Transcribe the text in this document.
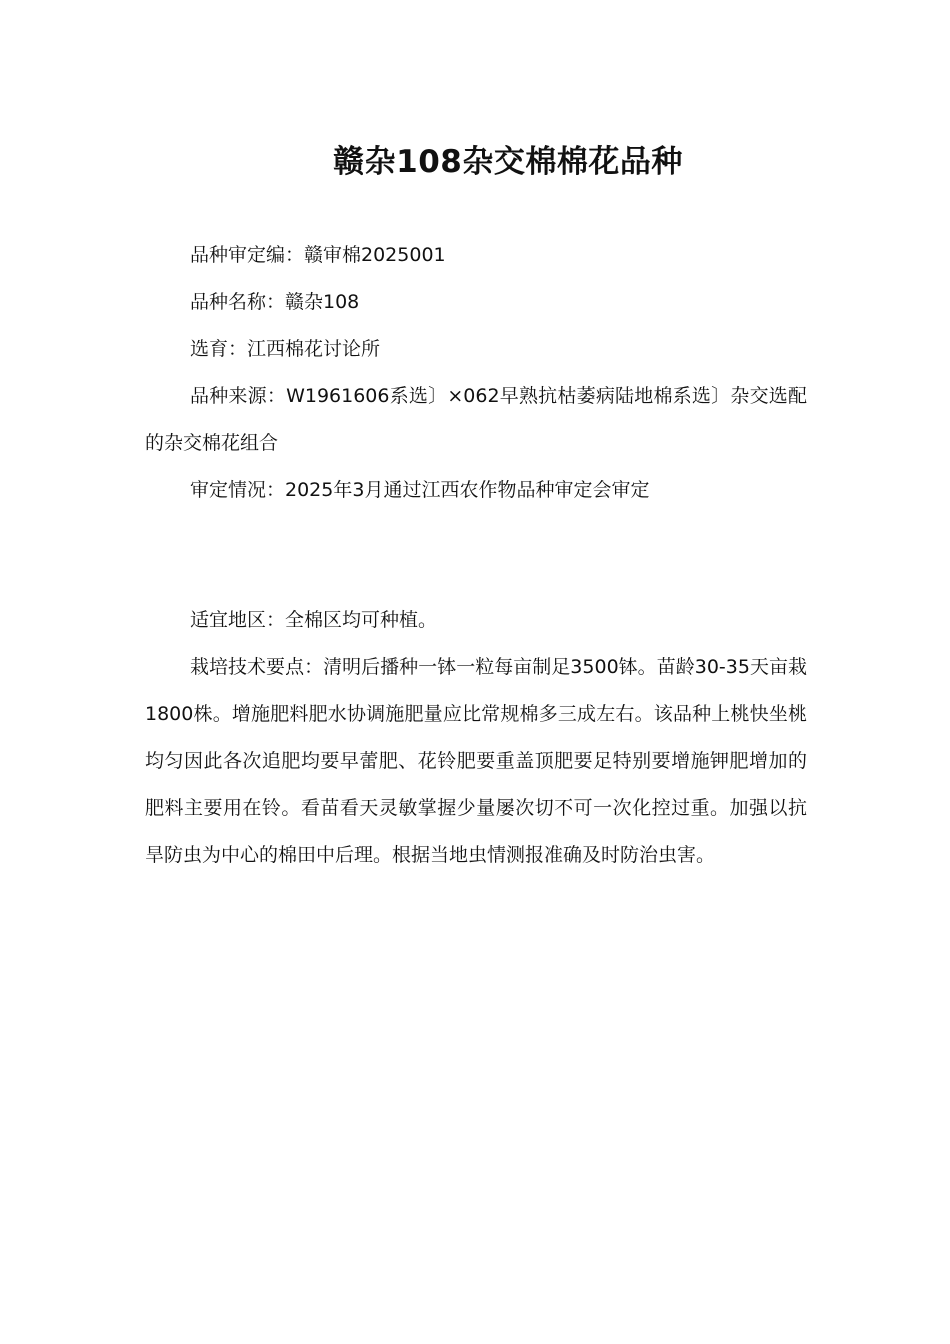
赣杂108杂交棉棉花品种

品种审定编：赣审棉2025001

品种名称：赣杂108

选育：江西棉花讨论所

品种来源：W1961606系选〕×062早熟抗枯萎病陆地棉系选〕杂交选配的杂交棉花组合

审定情况：2025年3月通过江西农作物品种审定会审定

适宜地区：全棉区均可种植。

栽培技术要点：清明后播种一钵一粒每亩制足3500钵。苗龄30-35天亩栽1800株。增施肥料肥水协调施肥量应比常规棉多三成左右。该品种上桃快坐桃均匀因此各次追肥均要早蕾肥、花铃肥要重盖顶肥要足特别要增施钾肥增加的肥料主要用在铃。看苗看天灵敏掌握少量屡次切不可一次化控过重。加强以抗旱防虫为中心的棉田中后理。根据当地虫情测报准确及时防治虫害。
